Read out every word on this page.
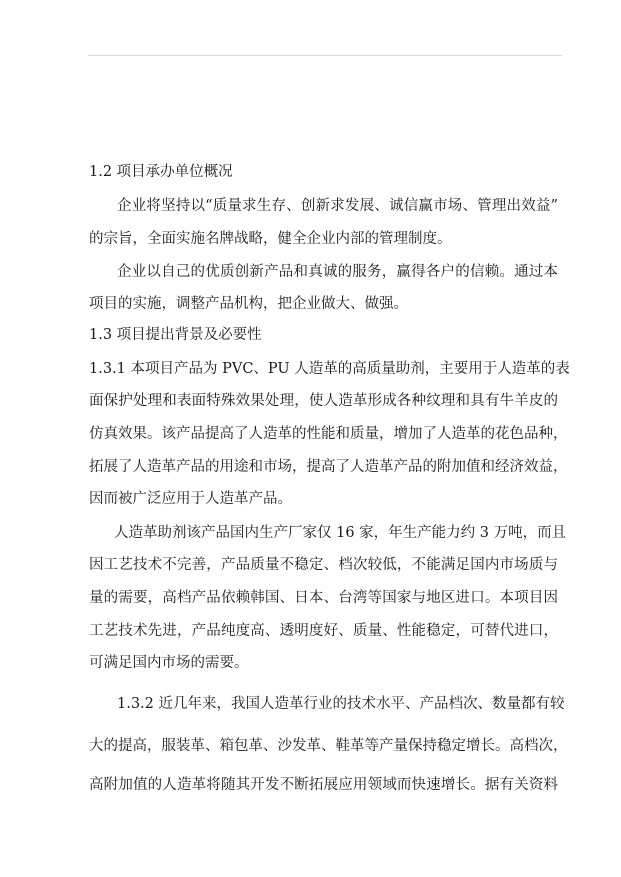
1.2 项目承办单位概况
企业将坚持以“质量求生存、创新求发展、诚信赢市场、管理出效益”
的宗旨，全面实施名牌战略，健全企业内部的管理制度。
企业以自己的优质创新产品和真诚的服务，赢得各户的信赖。通过本
项目的实施，调整产品机构，把企业做大、做强。
1.3 项目提出背景及必要性
1.3.1 本项目产品为 PVC、PU 人造革的高质量助剂，主要用于人造革的表
面保护处理和表面特殊效果处理，使人造革形成各种纹理和具有牛羊皮的
仿真效果。该产品提高了人造革的性能和质量，增加了人造革的花色品种，
拓展了人造革产品的用途和市场，提高了人造革产品的附加值和经济效益，
因而被广泛应用于人造革产品。
人造革助剂该产品国内生产厂家仅 16 家，年生产能力约 3 万吨，而且
因工艺技术不完善，产品质量不稳定、档次较低，不能满足国内市场质与
量的需要，高档产品依赖韩国、日本、台湾等国家与地区进口。本项目因
工艺技术先进，产品纯度高、透明度好、质量、性能稳定，可替代进口，
可满足国内市场的需要。
1.3.2 近几年来，我国人造革行业的技术水平、产品档次、数量都有较
大的提高，服装革、箱包革、沙发革、鞋革等产量保持稳定增长。高档次，
高附加值的人造革将随其开发不断拓展应用领域而快速增长。据有关资料
